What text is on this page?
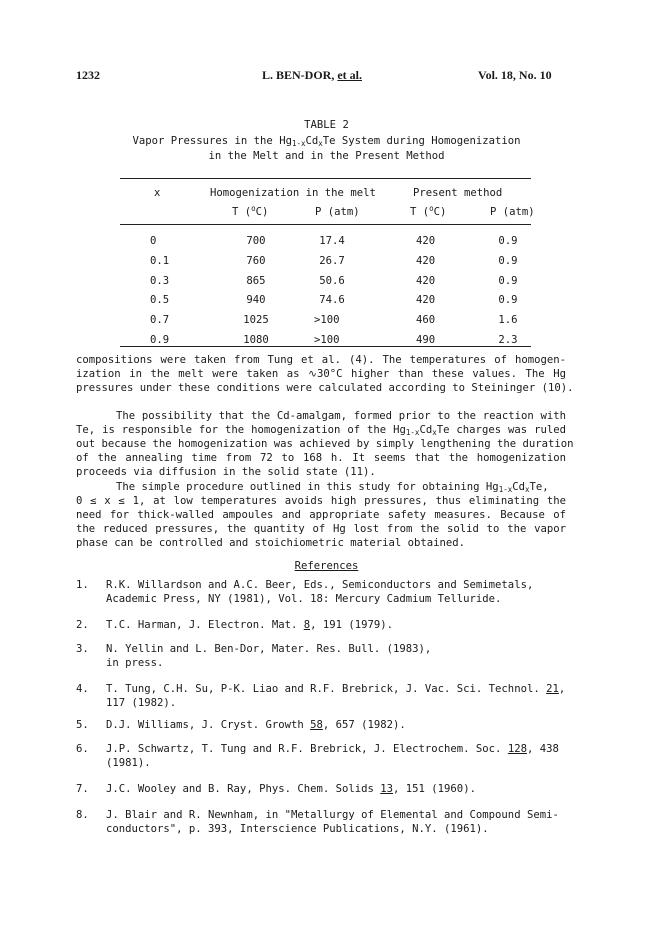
1232	L. BEN-DOR, et al.	Vol. 18, No. 10
TABLE 2
Vapor Pressures in the $Hg_{1-x}Cd_xTe$ System during Homogenization
in the Melt and in the Present Method
x	Homogenization in the melt	Present method
T ($^o$C)	P (atm)	T ($^o$C)	P (atm)
0	700	17.4	420	0.9
0.1	760	26.7	420	0.9
0.3	865	50.6	420	0.9
0.5	940	74.6	420	0.9
0.7	1025	>100	460	1.6
0.9	1080	>100	490	2.3

compositions were taken from Tung et al. (4). The temperatures of homogen-

ization in the melt were taken as ∿30°C higher than these values. The Hg

pressures under these conditions were calculated according to Steininger (10).

The possibility that the Cd-amalgam, formed prior to the reaction with

Te, is responsible for the homogenization of the $Hg_{1-x}Cd_xTe$ charges was ruled

out because the homogenization was achieved by simply lengthening the duration

of the annealing time from 72 to 168 h. It seems that the homogenization

proceeds via diffusion in the solid state (11).

The simple procedure outlined in this study for obtaining $Hg_{1-x}Cd_xTe$,

0 ≤ x ≤ 1, at low temperatures avoids high pressures, thus eliminating the

need for thick-walled ampoules and appropriate safety measures. Because of

the reduced pressures, the quantity of Hg lost from the solid to the vapor

phase can be controlled and stoichiometric material obtained.

References
1. R.K. Willardson and A.C. Beer, Eds., Semiconductors and Semimetals,
Academic Press, NY (1981), Vol. 18: Mercury Cadmium Telluride.
2. T.C. Harman, J. Electron. Mat. 8, 191 (1979).
3. N. Yellin and L. Ben-Dor, Mater. Res. Bull. (1983),
in press.
4. T. Tung, C.H. Su, P-K. Liao and R.F. Brebrick, J. Vac. Sci. Technol. 21,
117 (1982).
5. D.J. Williams, J. Cryst. Growth 58, 657 (1982).
6. J.P. Schwartz, T. Tung and R.F. Brebrick, J. Electrochem. Soc. 128, 438
(1981).
7. J.C. Wooley and B. Ray, Phys. Chem. Solids 13, 151 (1960).
8. J. Blair and R. Newnham, in "Metallurgy of Elemental and Compound Semi-
conductors", p. 393, Interscience Publications, N.Y. (1961).
